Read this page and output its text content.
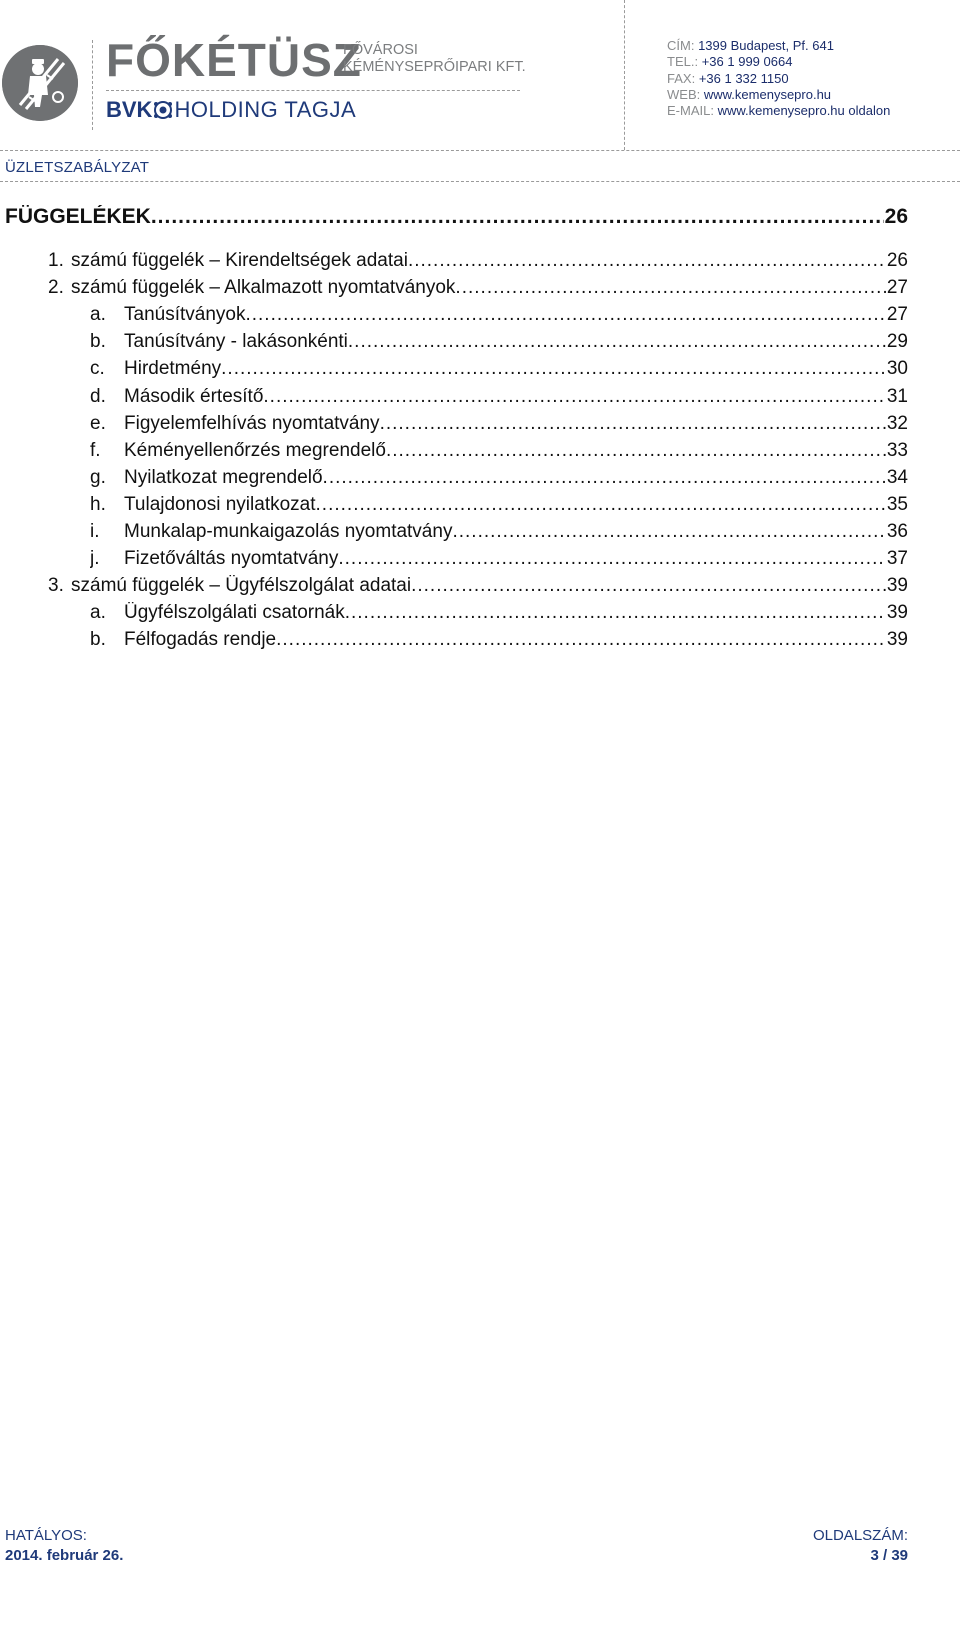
FŐKÉTÜSZ
FŐVÁROSI
KÉMÉNYSEPRŐIPARI KFT.
BVK HOLDING TAGJA
CÍM: 1399 Budapest, Pf. 641
TEL.: +36 1 999 0664
FAX: +36 1 332 1150
WEB: www.kemenysepro.hu
E-MAIL: www.kemenysepro.hu oldalon
ÜZLETSZABÁLYZAT
FÜGGELÉKEK .....	26
1. számú függelék – Kirendeltségek adatai .....	26
2. számú függelék – Alkalmazott nyomtatványok .....	27
a. Tanúsítványok .....	27
b. Tanúsítvány - lakásonkénti .....	29
c.	Hirdetmény .....	30
d. Második értesítő .....	31
e. Figyelemfelhívás nyomtatvány .....	32
f.	Kéményellenőrzés megrendelő .....	33
g. Nyilatkozat megrendelő .....	34
h. Tulajdonosi nyilatkozat .....	35
i.	Munkalap-munkaigazolás nyomtatvány .....	36
j.	Fizetőváltás nyomtatvány .....	37
3. számú függelék – Ügyfélszolgálat adatai .....	39
a. Ügyfélszolgálati csatornák .....	39
b. Félfogadás rendje .....	39
HATÁLYOS:
2014. február 26.
OLDALSZÁM:
3 / 39
